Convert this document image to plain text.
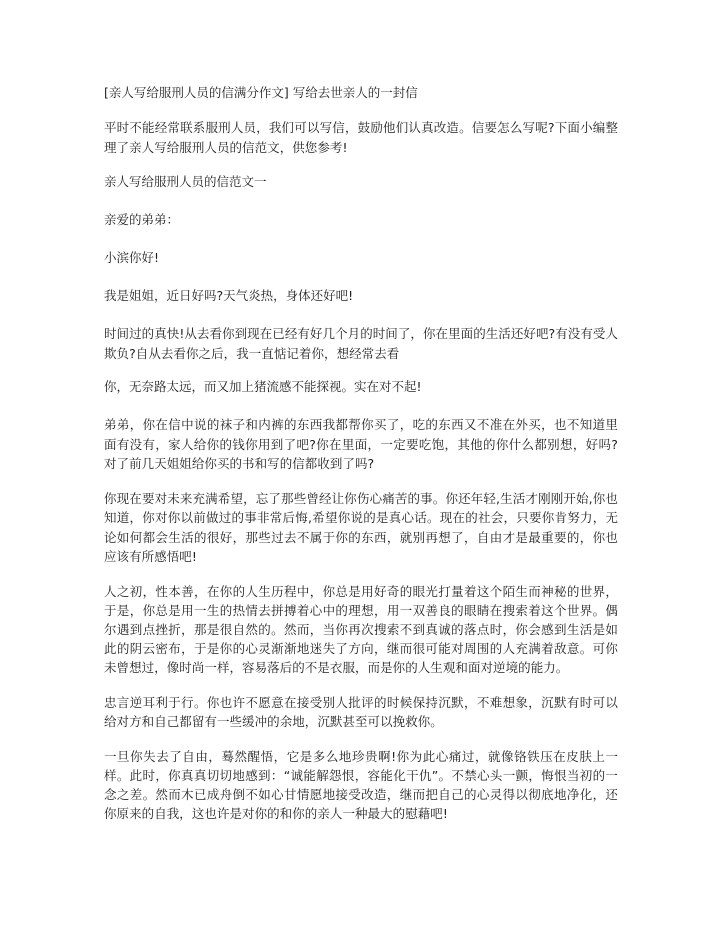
[亲人写给服刑人员的信满分作文] 写给去世亲人的一封信

平时不能经常联系服刑人员，我们可以写信，鼓励他们认真改造。信要怎么写呢?下面小编整理了亲人写给服刑人员的信范文，供您参考!

亲人写给服刑人员的信范文一

亲爱的弟弟：

小滨你好!

我是姐姐，近日好吗?天气炎热，身体还好吧!

时间过的真快!从去看你到现在已经有好几个月的时间了，你在里面的生活还好吧?有没有受人欺负?自从去看你之后，我一直惦记着你，想经常去看

你，无奈路太远，而又加上猪流感不能探视。实在对不起!

弟弟，你在信中说的袜子和内裤的东西我都帮你买了，吃的东西又不准在外买，也不知道里面有没有，家人给你的钱你用到了吧?你在里面，一定要吃饱，其他的你什么都别想，好吗?对了前几天姐姐给你买的书和写的信都收到了吗?

你现在要对未来充满希望，忘了那些曾经让你伤心痛苦的事。你还年轻,生活才刚刚开始,你也知道，你对你以前做过的事非常后悔,希望你说的是真心话。现在的社会，只要你肯努力，无论如何都会生活的很好，那些过去不属于你的东西，就别再想了，自由才是最重要的，你也应该有所感悟吧!

人之初，性本善，在你的人生历程中，你总是用好奇的眼光打量着这个陌生而神秘的世界，于是，你总是用一生的热情去拼搏着心中的理想，用一双善良的眼睛在搜索着这个世界。偶尔遇到点挫折，那是很自然的。然而，当你再次搜索不到真诚的落点时，你会感到生活是如此的阴云密布，于是你的心灵渐渐地迷失了方向，继而很可能对周围的人充满着敌意。可你未曾想过，像时尚一样，容易落后的不是衣服，而是你的人生观和面对逆境的能力。

忠言逆耳利于行。你也许不愿意在接受别人批评的时候保持沉默，不难想象，沉默有时可以给对方和自己都留有一些缓冲的余地，沉默甚至可以挽救你。

一旦你失去了自由，蓦然醒悟，它是多么地珍贵啊!你为此心痛过，就像铬铁压在皮肤上一样。此时，你真真切切地感到：“诚能解怨恨，容能化干仇”。不禁心头一颤，悔恨当初的一念之差。然而木已成舟倒不如心甘情愿地接受改造，继而把自己的心灵得以彻底地净化，还你原来的自我，这也许是对你的和你的亲人一种最大的慰藉吧!
